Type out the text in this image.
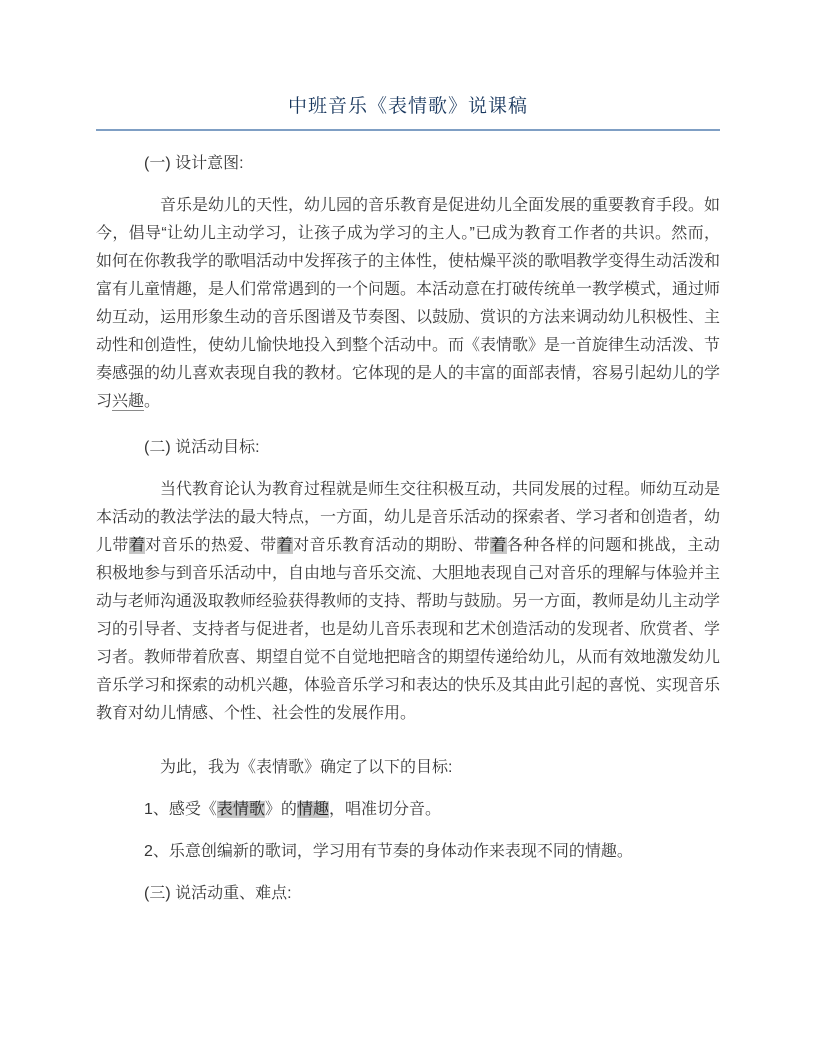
中班音乐《表情歌》说课稿
(一) 设计意图:
音乐是幼儿的天性，幼儿园的音乐教育是促进幼儿全面发展的重要教育手段。如今，倡导“让幼儿主动学习，让孩子成为学习的主人。”已成为教育工作者的共识。然而，如何在你教我学的歌唱活动中发挥孩子的主体性，使枯燥平淡的歌唱教学变得生动活泼和富有儿童情趣，是人们常常遇到的一个问题。本活动意在打破传统单一教学模式，通过师幼互动，运用形象生动的音乐图谱及节奏图、以鼓励、赏识的方法来调动幼儿积极性、主动性和创造性，使幼儿愉快地投入到整个活动中。而《表情歌》是一首旋律生动活泼、节奏感强的幼儿喜欢表现自我的教材。它体现的是人的丰富的面部表情，容易引起幼儿的学习兴趣。
(二) 说活动目标:
当代教育论认为教育过程就是师生交往积极互动，共同发展的过程。师幼互动是本活动的教法学法的最大特点，一方面，幼儿是音乐活动的探索者、学习者和创造者，幼儿带着对音乐的热爱、带着对音乐教育活动的期盼、带着各种各样的问题和挑战，主动积极地参与到音乐活动中，自由地与音乐交流、大胆地表现自己对音乐的理解与体验并主动与老师沟通汲取教师经验获得教师的支持、帮助与鼓励。另一方面，教师是幼儿主动学习的引导者、支持者与促进者，也是幼儿音乐表现和艺术创造活动的发现者、欣赏者、学习者。教师带着欣喜、期望自觉不自觉地把暗含的期望传递给幼儿，从而有效地激发幼儿音乐学习和探索的动机兴趣，体验音乐学习和表达的快乐及其由此引起的喜悦、实现音乐教育对幼儿情感、个性、社会性的发展作用。
为此，我为《表情歌》确定了以下的目标:
1、感受《表情歌》的情趣，唱准切分音。
2、乐意创编新的歌词，学习用有节奏的身体动作来表现不同的情趣。
(三) 说活动重、难点:
